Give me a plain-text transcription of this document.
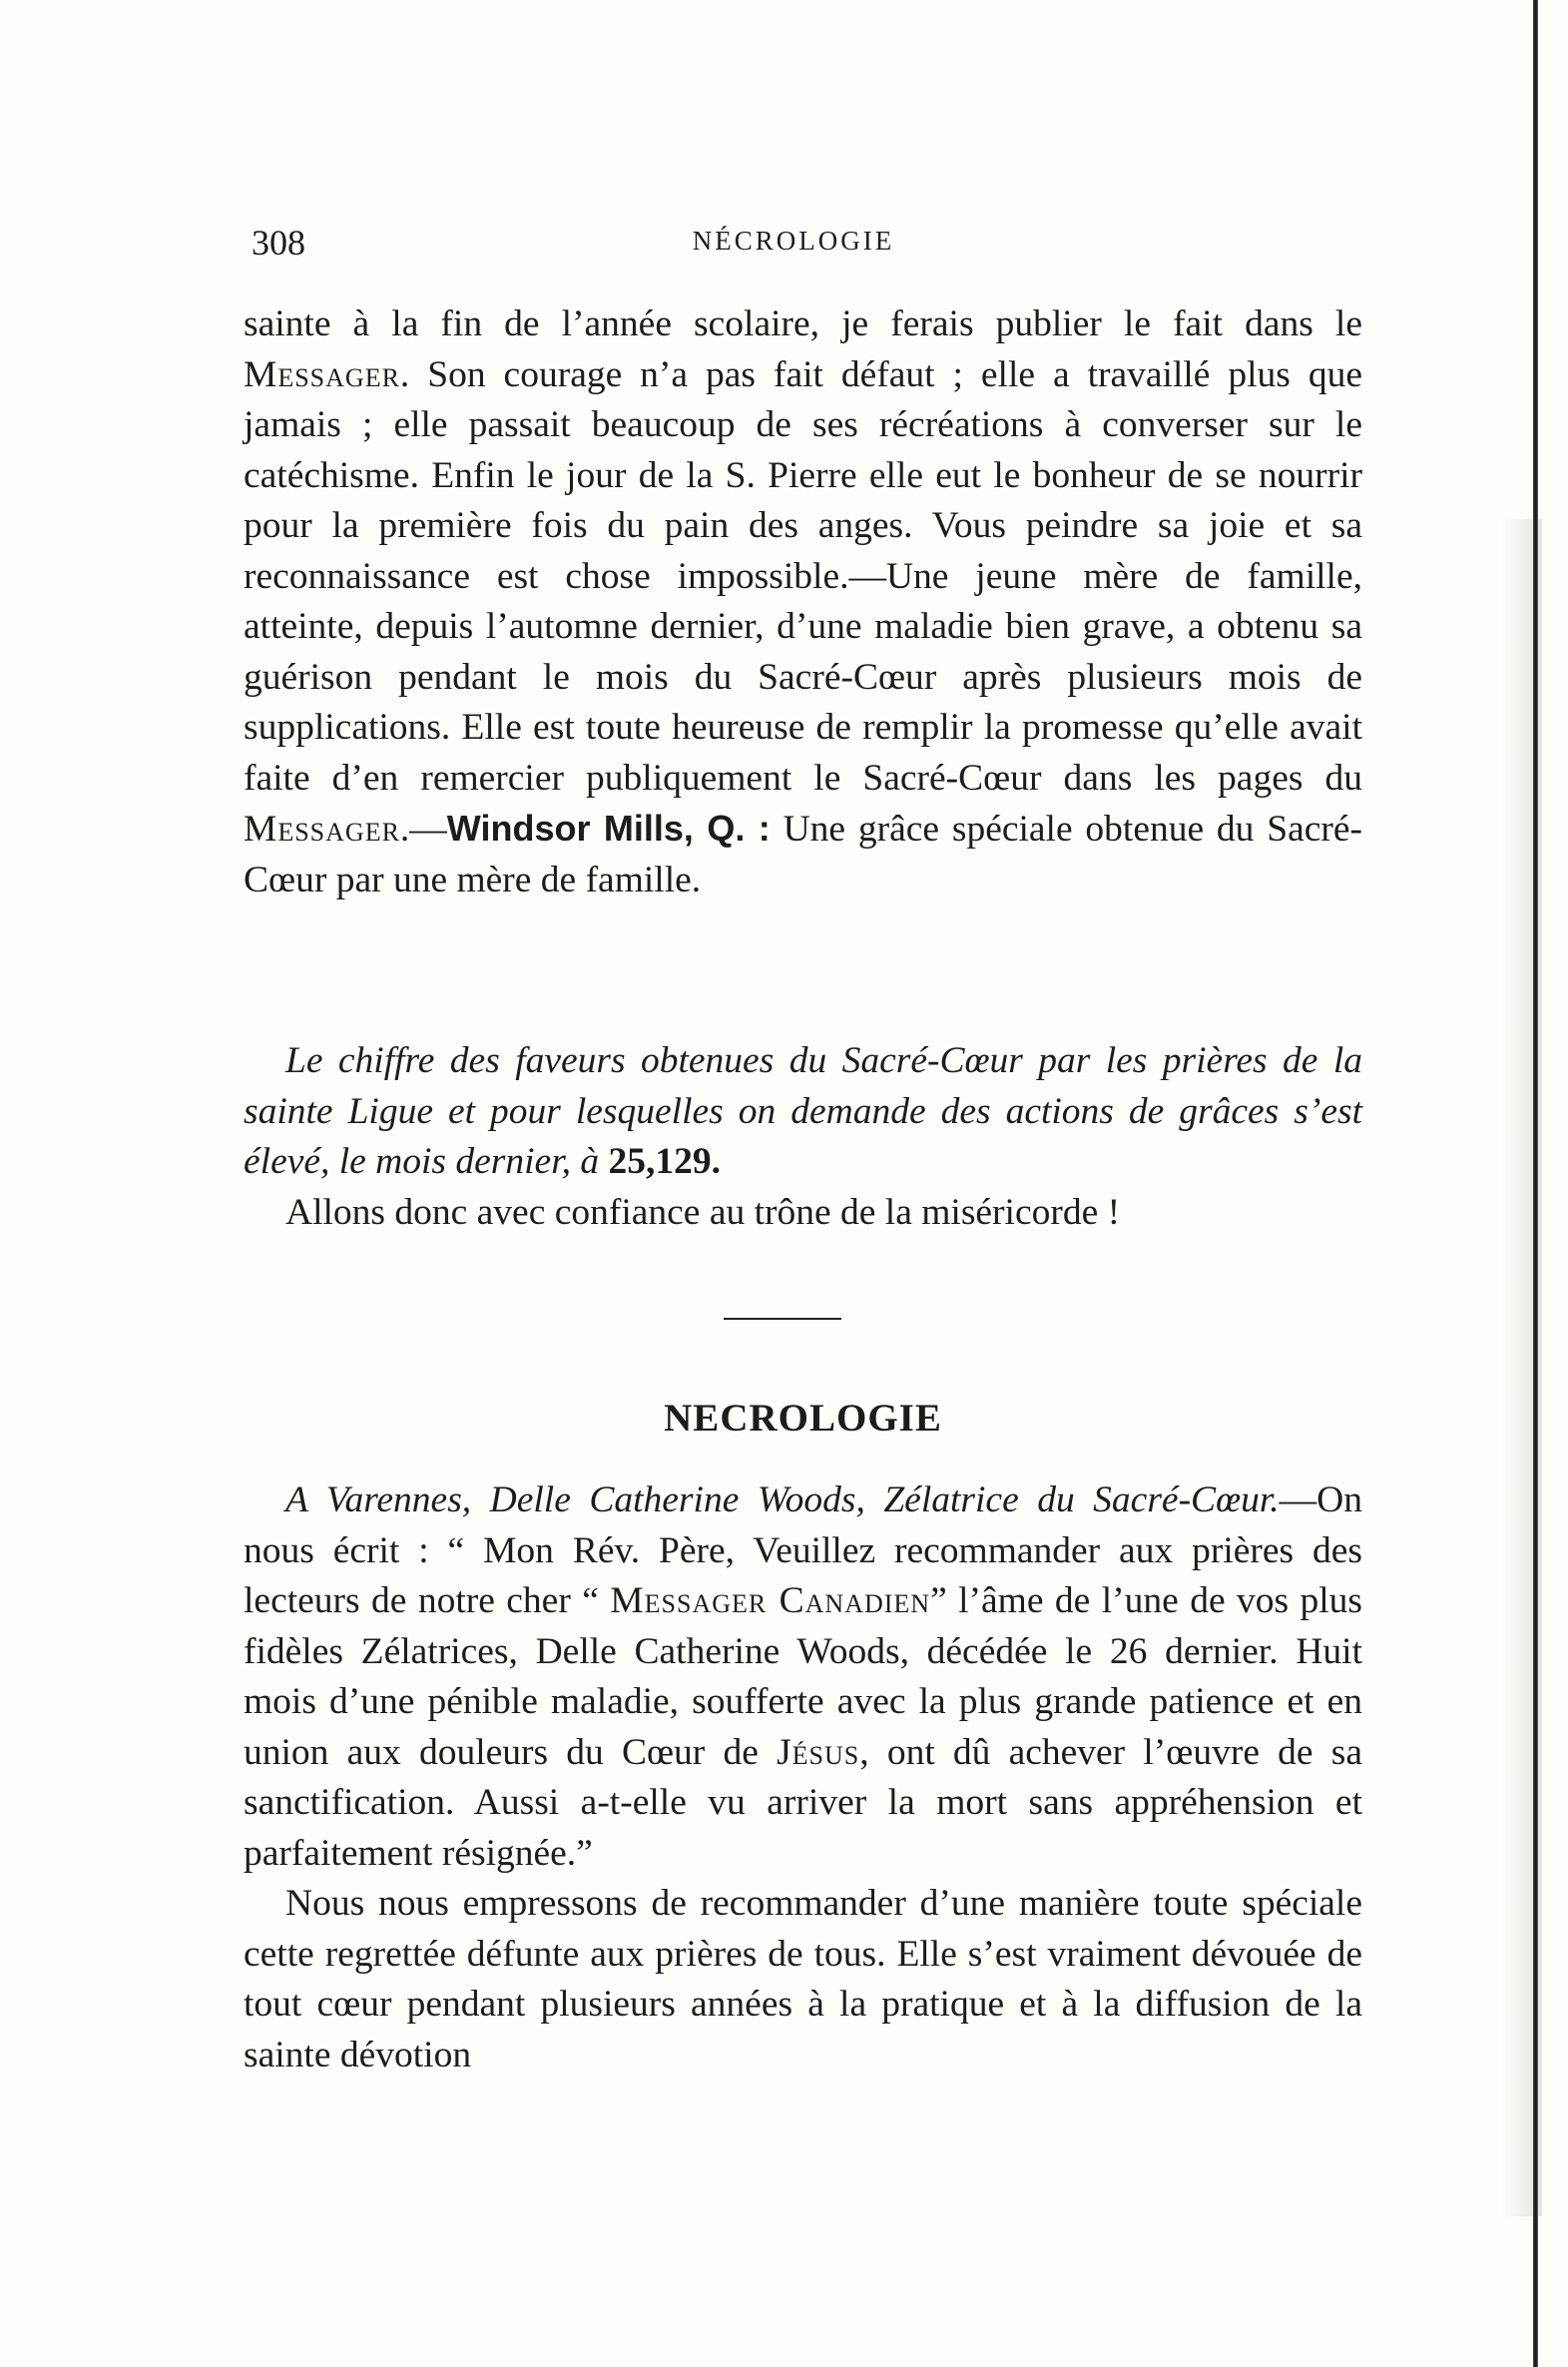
308	NÉCROLOGIE

sainte à la fin de l’année scolaire, je ferais publier le fait dans le Messager. Son courage n’a pas fait défaut ; elle a travaillé plus que jamais ; elle passait beaucoup de ses récréations à converser sur le catéchisme. Enfin le jour de la S. Pierre elle eut le bonheur de se nourrir pour la première fois du pain des anges. Vous peindre sa joie et sa reconnaissance est chose impossible.—Une jeune mère de famille, atteinte, depuis l’automne dernier, d’une maladie bien grave, a obtenu sa guérison pendant le mois du Sacré-Cœur après plusieurs mois de supplications. Elle est toute heureuse de remplir la promesse qu’elle avait faite d’en remercier publiquement le Sacré-Cœur dans les pages du Messager.—Windsor Mills, Q. : Une grâce spéciale obtenue du Sacré-Cœur par une mère de famille.

Le chiffre des faveurs obtenues du Sacré-Cœur par les prières de la sainte Ligue et pour lesquelles on demande des actions de grâces s’est élevé, le mois dernier, à 25,129.

Allons donc avec confiance au trône de la miséricorde !

NECROLOGIE

A Varennes, Delle Catherine Woods, Zélatrice du Sacré-Cœur.—On nous écrit : “ Mon Rév. Père, Veuillez recommander aux prières des lecteurs de notre cher “ Messager Canadien” l’âme de l’une de vos plus fidèles Zélatrices, Delle Catherine Woods, décédée le 26 dernier. Huit mois d’une pénible maladie, soufferte avec la plus grande patience et en union aux douleurs du Cœur de Jésus, ont dû achever l’œuvre de sa sanctification. Aussi a-t-elle vu arriver la mort sans appréhension et parfaitement résignée.”

Nous nous empressons de recommander d’une manière toute spéciale cette regrettée défunte aux prières de tous. Elle s’est vraiment dévouée de tout cœur pendant plusieurs années à la pratique et à la diffusion de la sainte dévotion
